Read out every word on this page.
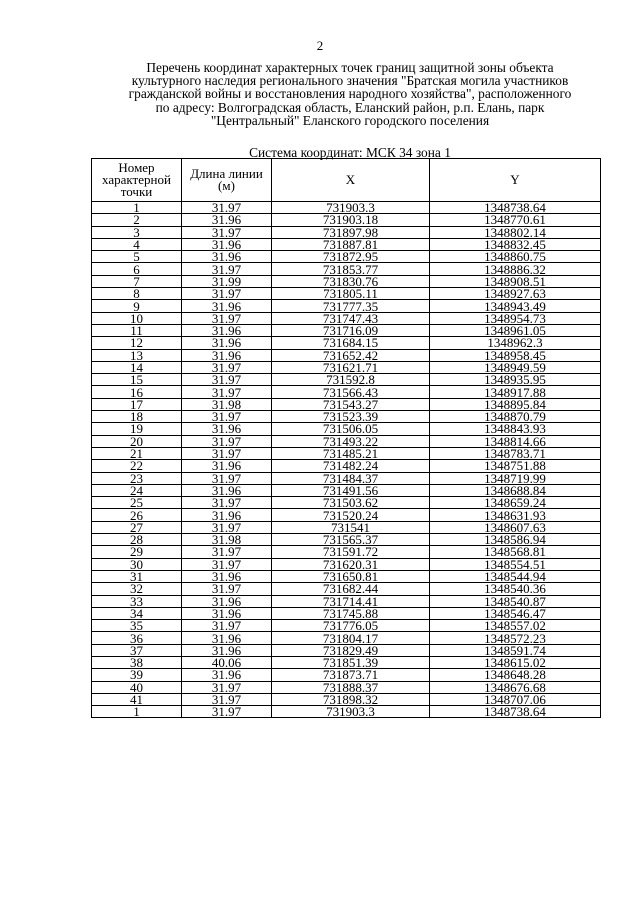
2
Перечень координат характерных точек границ защитной зоны объекта
культурного наследия регионального значения "Братская могила участников
гражданской войны и восстановления народного хозяйства", расположенного
по адресу: Волгоградская область, Еланский район, р.п. Елань, парк
"Центральный" Еланского городского поселения
Система координат: МСК 34 зона 1
Номер характерной точки	Длина линии (м)	X	Y
1	31.97	731903.3	1348738.64
2	31.96	731903.18	1348770.61
3	31.97	731897.98	1348802.14
4	31.96	731887.81	1348832.45
5	31.96	731872.95	1348860.75
6	31.97	731853.77	1348886.32
7	31.99	731830.76	1348908.51
8	31.97	731805.11	1348927.63
9	31.96	731777.35	1348943.49
10	31.97	731747.43	1348954.73
11	31.96	731716.09	1348961.05
12	31.96	731684.15	1348962.3
13	31.96	731652.42	1348958.45
14	31.97	731621.71	1348949.59
15	31.97	731592.8	1348935.95
16	31.97	731566.43	1348917.88
17	31.98	731543.27	1348895.84
18	31.97	731523.39	1348870.79
19	31.96	731506.05	1348843.93
20	31.97	731493.22	1348814.66
21	31.97	731485.21	1348783.71
22	31.96	731482.24	1348751.88
23	31.97	731484.37	1348719.99
24	31.96	731491.56	1348688.84
25	31.97	731503.62	1348659.24
26	31.96	731520.24	1348631.93
27	31.97	731541	1348607.63
28	31.98	731565.37	1348586.94
29	31.97	731591.72	1348568.81
30	31.97	731620.31	1348554.51
31	31.96	731650.81	1348544.94
32	31.97	731682.44	1348540.36
33	31.96	731714.41	1348540.87
34	31.96	731745.88	1348546.47
35	31.97	731776.05	1348557.02
36	31.96	731804.17	1348572.23
37	31.96	731829.49	1348591.74
38	40.06	731851.39	1348615.02
39	31.96	731873.71	1348648.28
40	31.97	731888.37	1348676.68
41	31.97	731898.32	1348707.06
1	31.97	731903.3	1348738.64
